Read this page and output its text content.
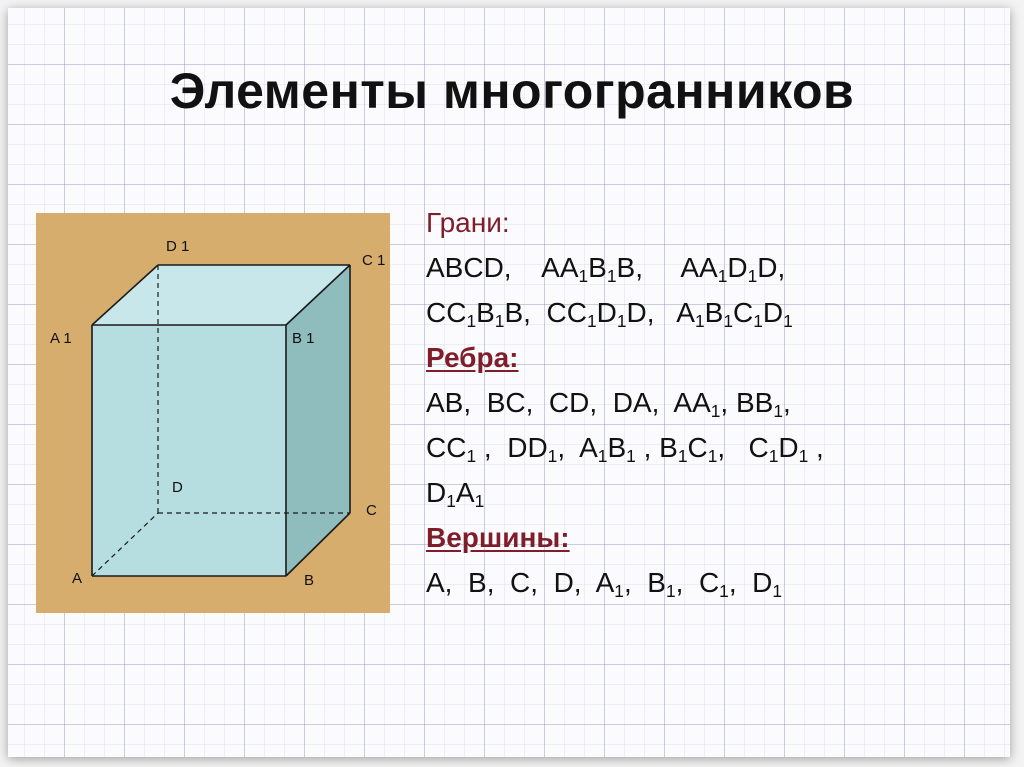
Элементы многогранников
D 1
C 1
A 1	B 1
D
C
A	B
Грани:
ABCD, $AA_1B_1B$, $AA_1D_1D$,
$CC_1B_1B$, $CC_1D_1D$, $A_1B_1C_1D_1$
Ребра:
AB,  BC,  CD,  DA,  $AA_1$, $BB_1$,
$CC_1$ ,  $DD_1$,  $A_1B_1$ , $B_1C_1$,   $C_1D_1$ ,
$D_1A_1$
Вершины:
A,  B,  C,  D,  $A_1$,  $B_1$,  $C_1$,  $D_1$
